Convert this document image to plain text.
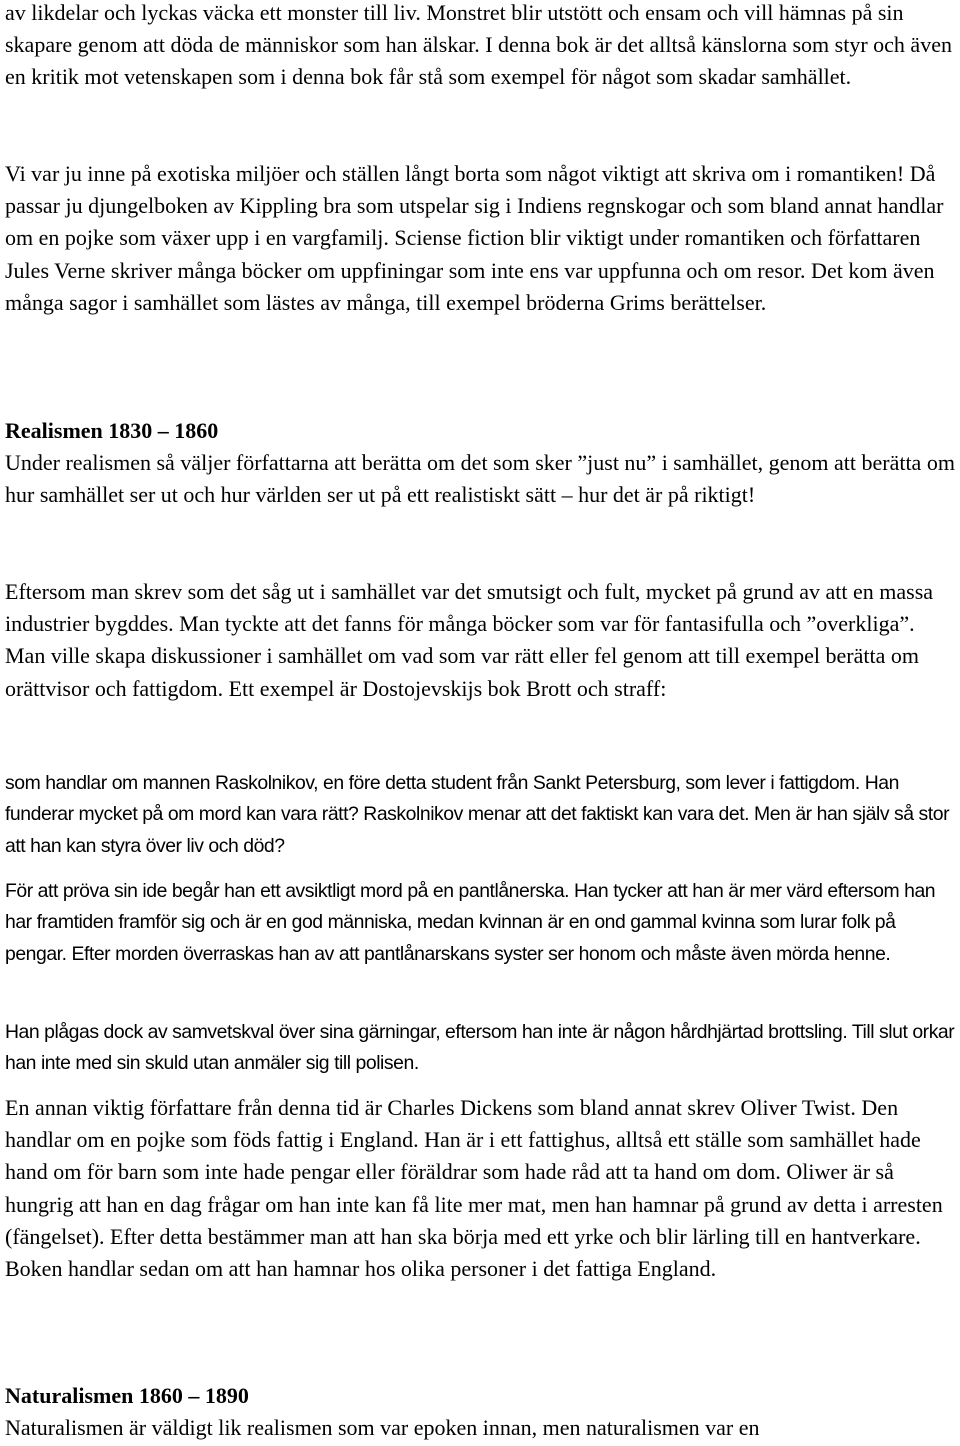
av likdelar och lyckas väcka ett monster till liv. Monstret blir utstött och ensam och vill hämnas på sin skapare genom att döda de människor som han älskar. I denna bok är det alltså känslorna som styr och även en kritik mot vetenskapen som i denna bok får stå som exempel för något som skadar samhället.

Vi var ju inne på exotiska miljöer och ställen långt borta som något viktigt att skriva om i romantiken! Då passar ju djungelboken av Kippling bra som utspelar sig i Indiens regnskogar och som bland annat handlar om en pojke som växer upp i en vargfamilj. Sciense fiction blir viktigt under romantiken och författaren Jules Verne skriver många böcker om uppfiningar som inte ens var uppfunna och om resor. Det kom även många sagor i samhället som lästes av många, till exempel bröderna Grims berättelser.

Realismen 1830 – 1860

Under realismen så väljer författarna att berätta om det som sker ”just nu” i samhället, genom att berätta om hur samhället ser ut och hur världen ser ut på ett realistiskt sätt – hur det är på riktigt!

Eftersom man skrev som det såg ut i samhället var det smutsigt och fult, mycket på grund av att en massa industrier bygddes. Man tyckte att det fanns för många böcker som var för fantasifulla och ”overkliga”. Man ville skapa diskussioner i samhället om vad som var rätt eller fel genom att till exempel berätta om orättvisor och fattigdom. Ett exempel är Dostojevskijs bok Brott och straff:

som handlar om mannen Raskolnikov, en före detta student från Sankt Petersburg, som lever i fattigdom. Han funderar mycket på om mord kan vara rätt? Raskolnikov menar att det faktiskt kan vara det. Men är han själv så stor att han kan styra över liv och död?

För att pröva sin ide begår han ett avsiktligt mord på en pantlånerska. Han tycker att han är mer värd eftersom han har framtiden framför sig och är en god människa, medan kvinnan är en ond gammal kvinna som lurar folk på pengar. Efter morden överraskas han av att pantlånarskans syster ser honom och måste även mörda henne.

Han plågas dock av samvetskval över sina gärningar, eftersom han inte är någon hårdhjärtad brottsling. Till slut orkar han inte med sin skuld utan anmäler sig till polisen.

En annan viktig författare från denna tid är Charles Dickens som bland annat skrev Oliver Twist. Den handlar om en pojke som föds fattig i England. Han är i ett fattighus, alltså ett ställe som samhället hade hand om för barn som inte hade pengar eller föräldrar som hade råd att ta hand om dom. Oliwer är så hungrig att han en dag frågar om han inte kan få lite mer mat, men han hamnar på grund av detta i arresten (fängelset). Efter detta bestämmer man att han ska börja med ett yrke och blir lärling till en hantverkare. Boken handlar sedan om att han hamnar hos olika personer i det fattiga England.

Naturalismen 1860 – 1890

Naturalismen är väldigt lik realismen som var epoken innan, men naturalismen var en
